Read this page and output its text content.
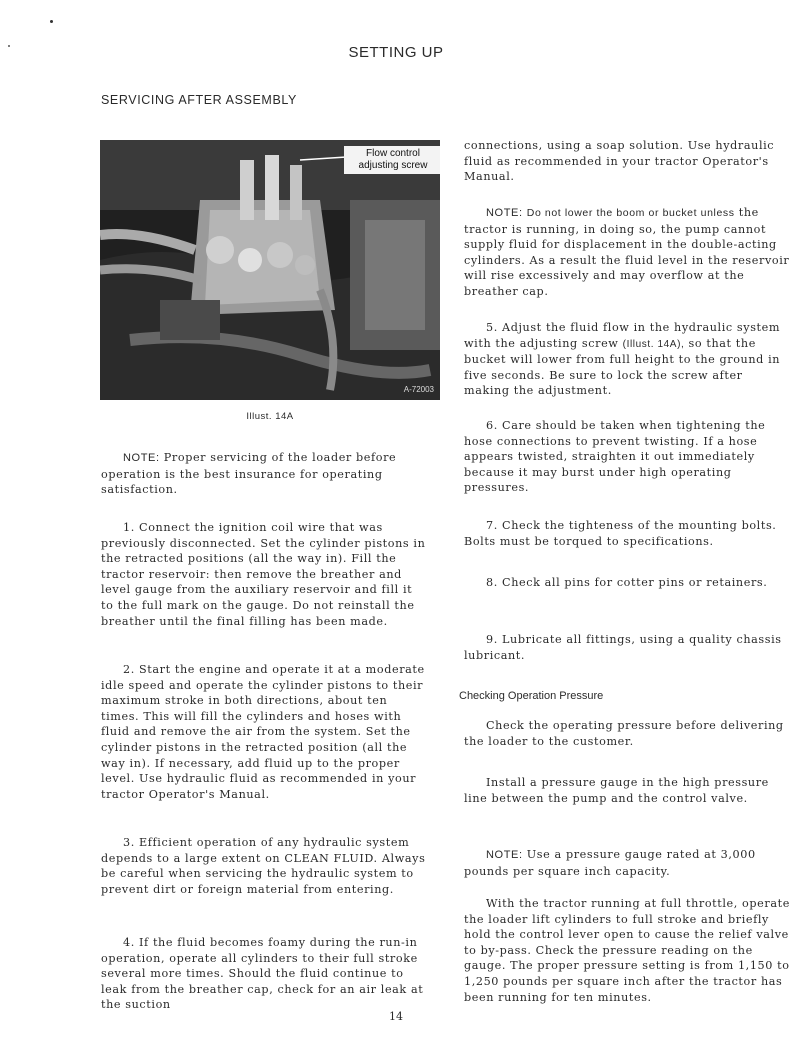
SETTING UP
SERVICING AFTER ASSEMBLY
Flow control adjusting screw
A-72003
Illust. 14A

NOTE: Proper servicing of the loader before operation is the best insurance for operating satisfaction.

1. Connect the ignition coil wire that was previously disconnected. Set the cylinder pistons in the retracted positions (all the way in). Fill the tractor reservoir: then remove the breather and level gauge from the auxiliary reservoir and fill it to the full mark on the gauge. Do not reinstall the breather until the final filling has been made.

2. Start the engine and operate it at a moderate idle speed and operate the cylinder pistons to their maximum stroke in both directions, about ten times. This will fill the cylinders and hoses with fluid and remove the air from the system. Set the cylinder pistons in the retracted position (all the way in). If necessary, add fluid up to the proper level. Use hydraulic fluid as recommended in your tractor Operator's Manual.

3. Efficient operation of any hydraulic system depends to a large extent on CLEAN FLUID. Always be careful when servicing the hydraulic system to prevent dirt or foreign material from entering.

4. If the fluid becomes foamy during the run-in operation, operate all cylinders to their full stroke several more times. Should the fluid continue to leak from the breather cap, check for an air leak at the suction

connections, using a soap solution. Use hydraulic fluid as recommended in your tractor Operator's Manual.

NOTE: Do not lower the boom or bucket unless the tractor is running, in doing so, the pump cannot supply fluid for displacement in the double-acting cylinders. As a result the fluid level in the reservoir will rise excessively and may overflow at the breather cap.

5. Adjust the fluid flow in the hydraulic system with the adjusting screw (Illust. 14A), so that the bucket will lower from full height to the ground in five seconds. Be sure to lock the screw after making the adjustment.

6. Care should be taken when tightening the hose connections to prevent twisting. If a hose appears twisted, straighten it out immediately because it may burst under high operating pressures.

7. Check the tighteness of the mounting bolts. Bolts must be torqued to specifications.

8. Check all pins for cotter pins or retainers.

9. Lubricate all fittings, using a quality chassis lubricant.

Checking Operation Pressure

Check the operating pressure before delivering the loader to the customer.

Install a pressure gauge in the high pressure line between the pump and the control valve.

NOTE: Use a pressure gauge rated at 3,000 pounds per square inch capacity.

With the tractor running at full throttle, operate the loader lift cylinders to full stroke and briefly hold the control lever open to cause the relief valve to by-pass. Check the pressure reading on the gauge. The proper pressure setting is from 1,150 to 1,250 pounds per square inch after the tractor has been running for ten minutes.

14
